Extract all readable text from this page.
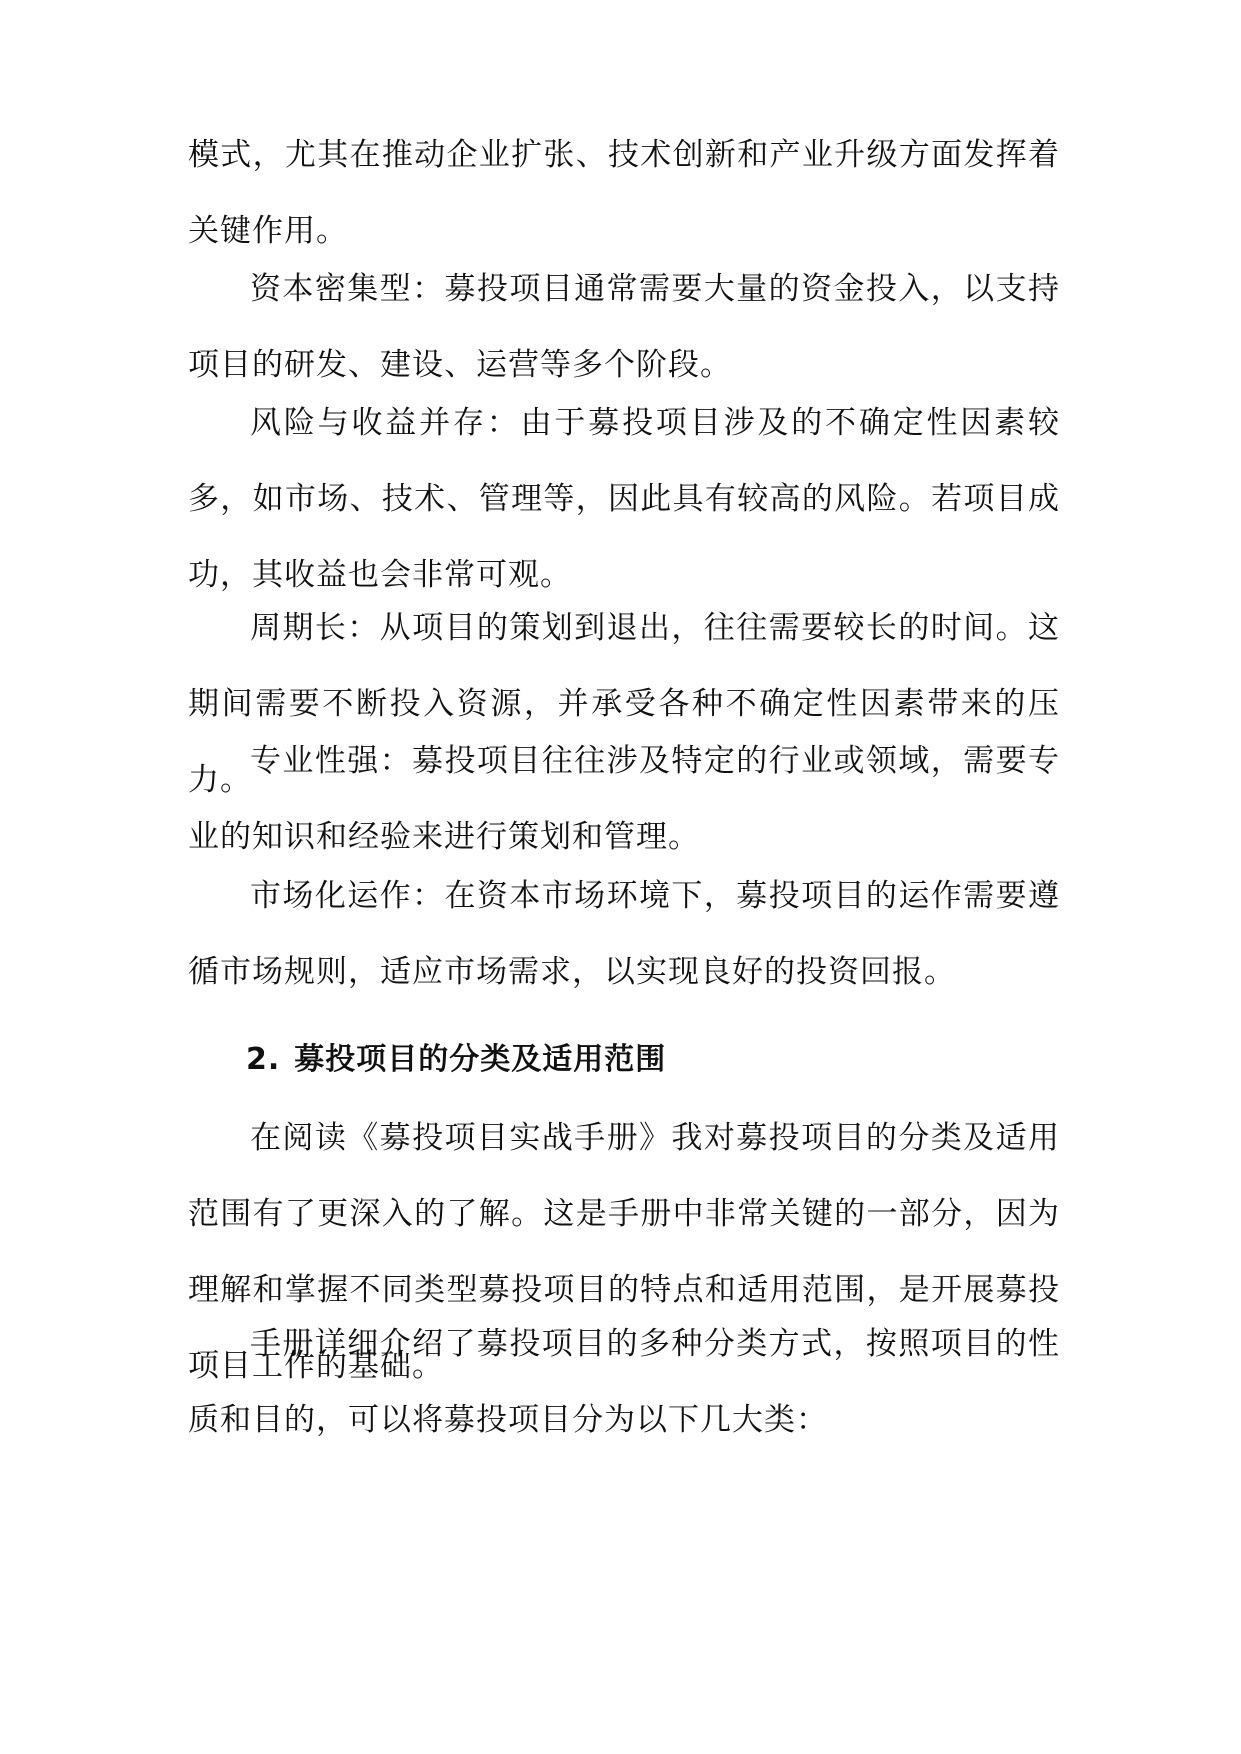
模式，尤其在推动企业扩张、技术创新和产业升级方面发挥着关键作用。

资本密集型：募投项目通常需要大量的资金投入，以支持项目的研发、建设、运营等多个阶段。

风险与收益并存：由于募投项目涉及的不确定性因素较多，如市场、技术、管理等，因此具有较高的风险。若项目成功，其收益也会非常可观。

周期长：从项目的策划到退出，往往需要较长的时间。这期间需要不断投入资源，并承受各种不确定性因素带来的压力。

专业性强：募投项目往往涉及特定的行业或领域，需要专业的知识和经验来进行策划和管理。

市场化运作：在资本市场环境下，募投项目的运作需要遵循市场规则，适应市场需求，以实现良好的投资回报。

2. 募投项目的分类及适用范围

在阅读《募投项目实战手册》我对募投项目的分类及适用范围有了更深入的了解。这是手册中非常关键的一部分，因为理解和掌握不同类型募投项目的特点和适用范围，是开展募投项目工作的基础。

手册详细介绍了募投项目的多种分类方式，按照项目的性质和目的，可以将募投项目分为以下几大类：
